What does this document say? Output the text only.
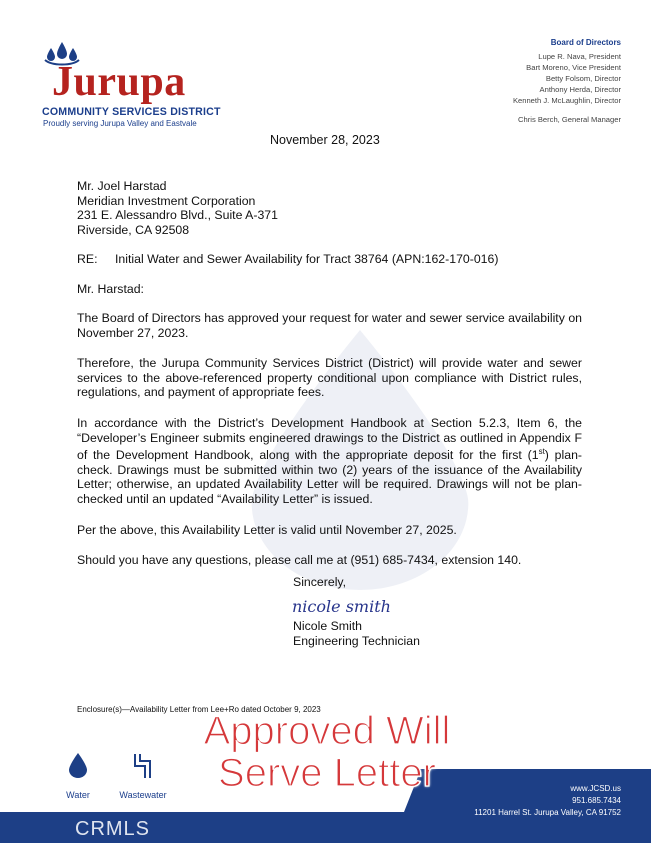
Jurupa
COMMUNITY SERVICES DISTRICT
Proudly serving Jurupa Valley and Eastvale
Board of Directors
Lupe R. Nava, President
Bart Moreno, Vice President
Betty Folsom, Director
Anthony Herda, Director
Kenneth J. McLaughlin, Director
Chris Berch, General Manager
November 28, 2023
Mr. Joel Harstad
Meridian Investment Corporation
231 E. Alessandro Blvd., Suite A-371
Riverside, CA 92508
RE: Initial Water and Sewer Availability for Tract 38764 (APN:162-170-016)
Mr. Harstad:

The Board of Directors has approved your request for water and sewer service availability on November 27, 2023.

Therefore, the Jurupa Community Services District (District) will provide water and sewer services to the above-referenced property conditional upon compliance with District rules, regulations, and payment of appropriate fees.

In accordance with the District’s Development Handbook at Section 5.2.3, Item 6, the “Developer’s Engineer submits engineered drawings to the District as outlined in Appendix F of the Development Handbook, along with the appropriate deposit for the first (1st) plan-check. Drawings must be submitted within two (2) years of the issuance of the Availability Letter; otherwise, an updated Availability Letter will be required. Drawings will not be plan-checked until an updated “Availability Letter” is issued.

Per the above, this Availability Letter is valid until November 27, 2025.

Should you have any questions, please call me at (951) 685-7434, extension 140.

Sincerely,
nicole smith
Nicole Smith
Engineering Technician
Enclosure(s)—Availability Letter from Lee+Ro dated October 9, 2023
Water	Wastewater
www.JCSD.us
951.685.7434
11201 Harrel St. Jurupa Valley, CA 91752
CRMLS
Approved Will
Serve Letter
